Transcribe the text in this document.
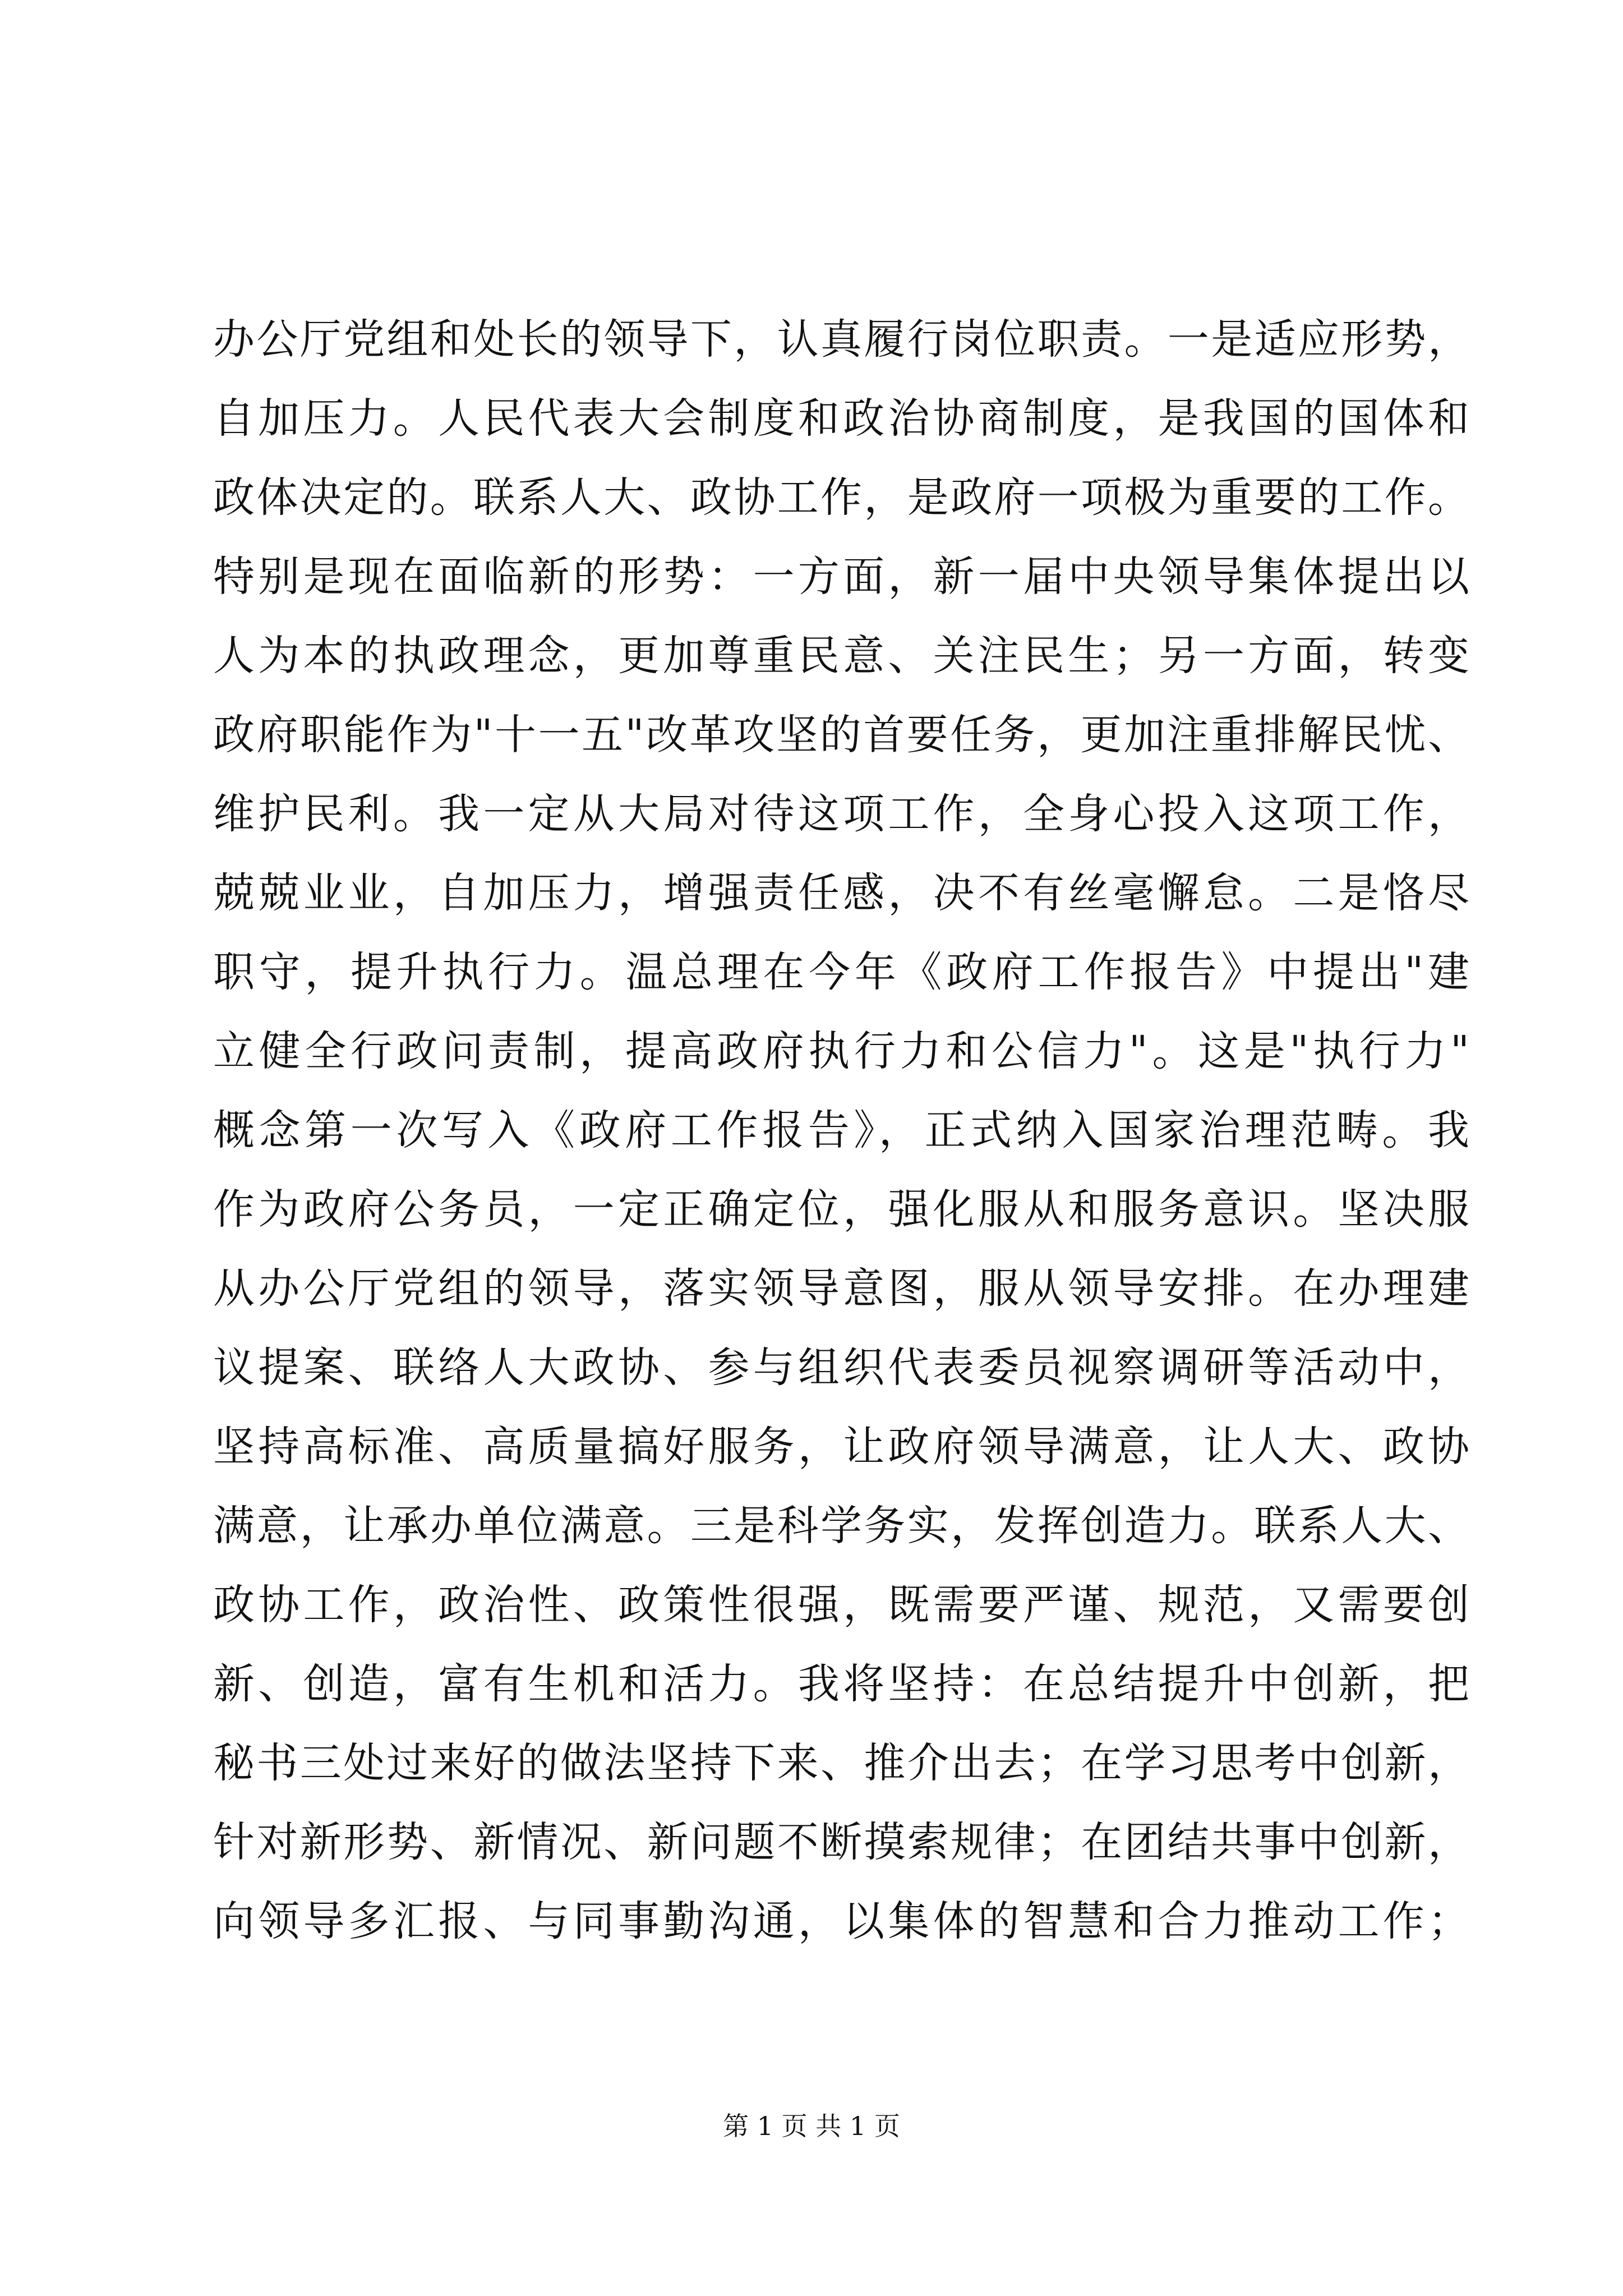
办公厅党组和处长的领导下，认真履行岗位职责。一是适应形势，
自加压力。人民代表大会制度和政治协商制度，是我国的国体和
政体决定的。联系人大、政协工作，是政府一项极为重要的工作。
特别是现在面临新的形势：一方面，新一届中央领导集体提出以
人为本的执政理念，更加尊重民意、关注民生；另一方面，转变
政府职能作为"十一五"改革攻坚的首要任务，更加注重排解民忧、
维护民利。我一定从大局对待这项工作，全身心投入这项工作，
兢兢业业，自加压力，增强责任感，决不有丝毫懈怠。二是恪尽
职守，提升执行力。温总理在今年《政府工作报告》中提出"建
立健全行政问责制，提高政府执行力和公信力"。这是"执行力"
概念第一次写入《政府工作报告》，正式纳入国家治理范畴。我
作为政府公务员，一定正确定位，强化服从和服务意识。坚决服
从办公厅党组的领导，落实领导意图，服从领导安排。在办理建
议提案、联络人大政协、参与组织代表委员视察调研等活动中，
坚持高标准、高质量搞好服务，让政府领导满意，让人大、政协
满意，让承办单位满意。三是科学务实，发挥创造力。联系人大、
政协工作，政治性、政策性很强，既需要严谨、规范，又需要创
新、创造，富有生机和活力。我将坚持：在总结提升中创新，把
秘书三处过来好的做法坚持下来、推介出去；在学习思考中创新，
针对新形势、新情况、新问题不断摸索规律；在团结共事中创新，
向领导多汇报、与同事勤沟通，以集体的智慧和合力推动工作；
第 1 页 共 1 页
